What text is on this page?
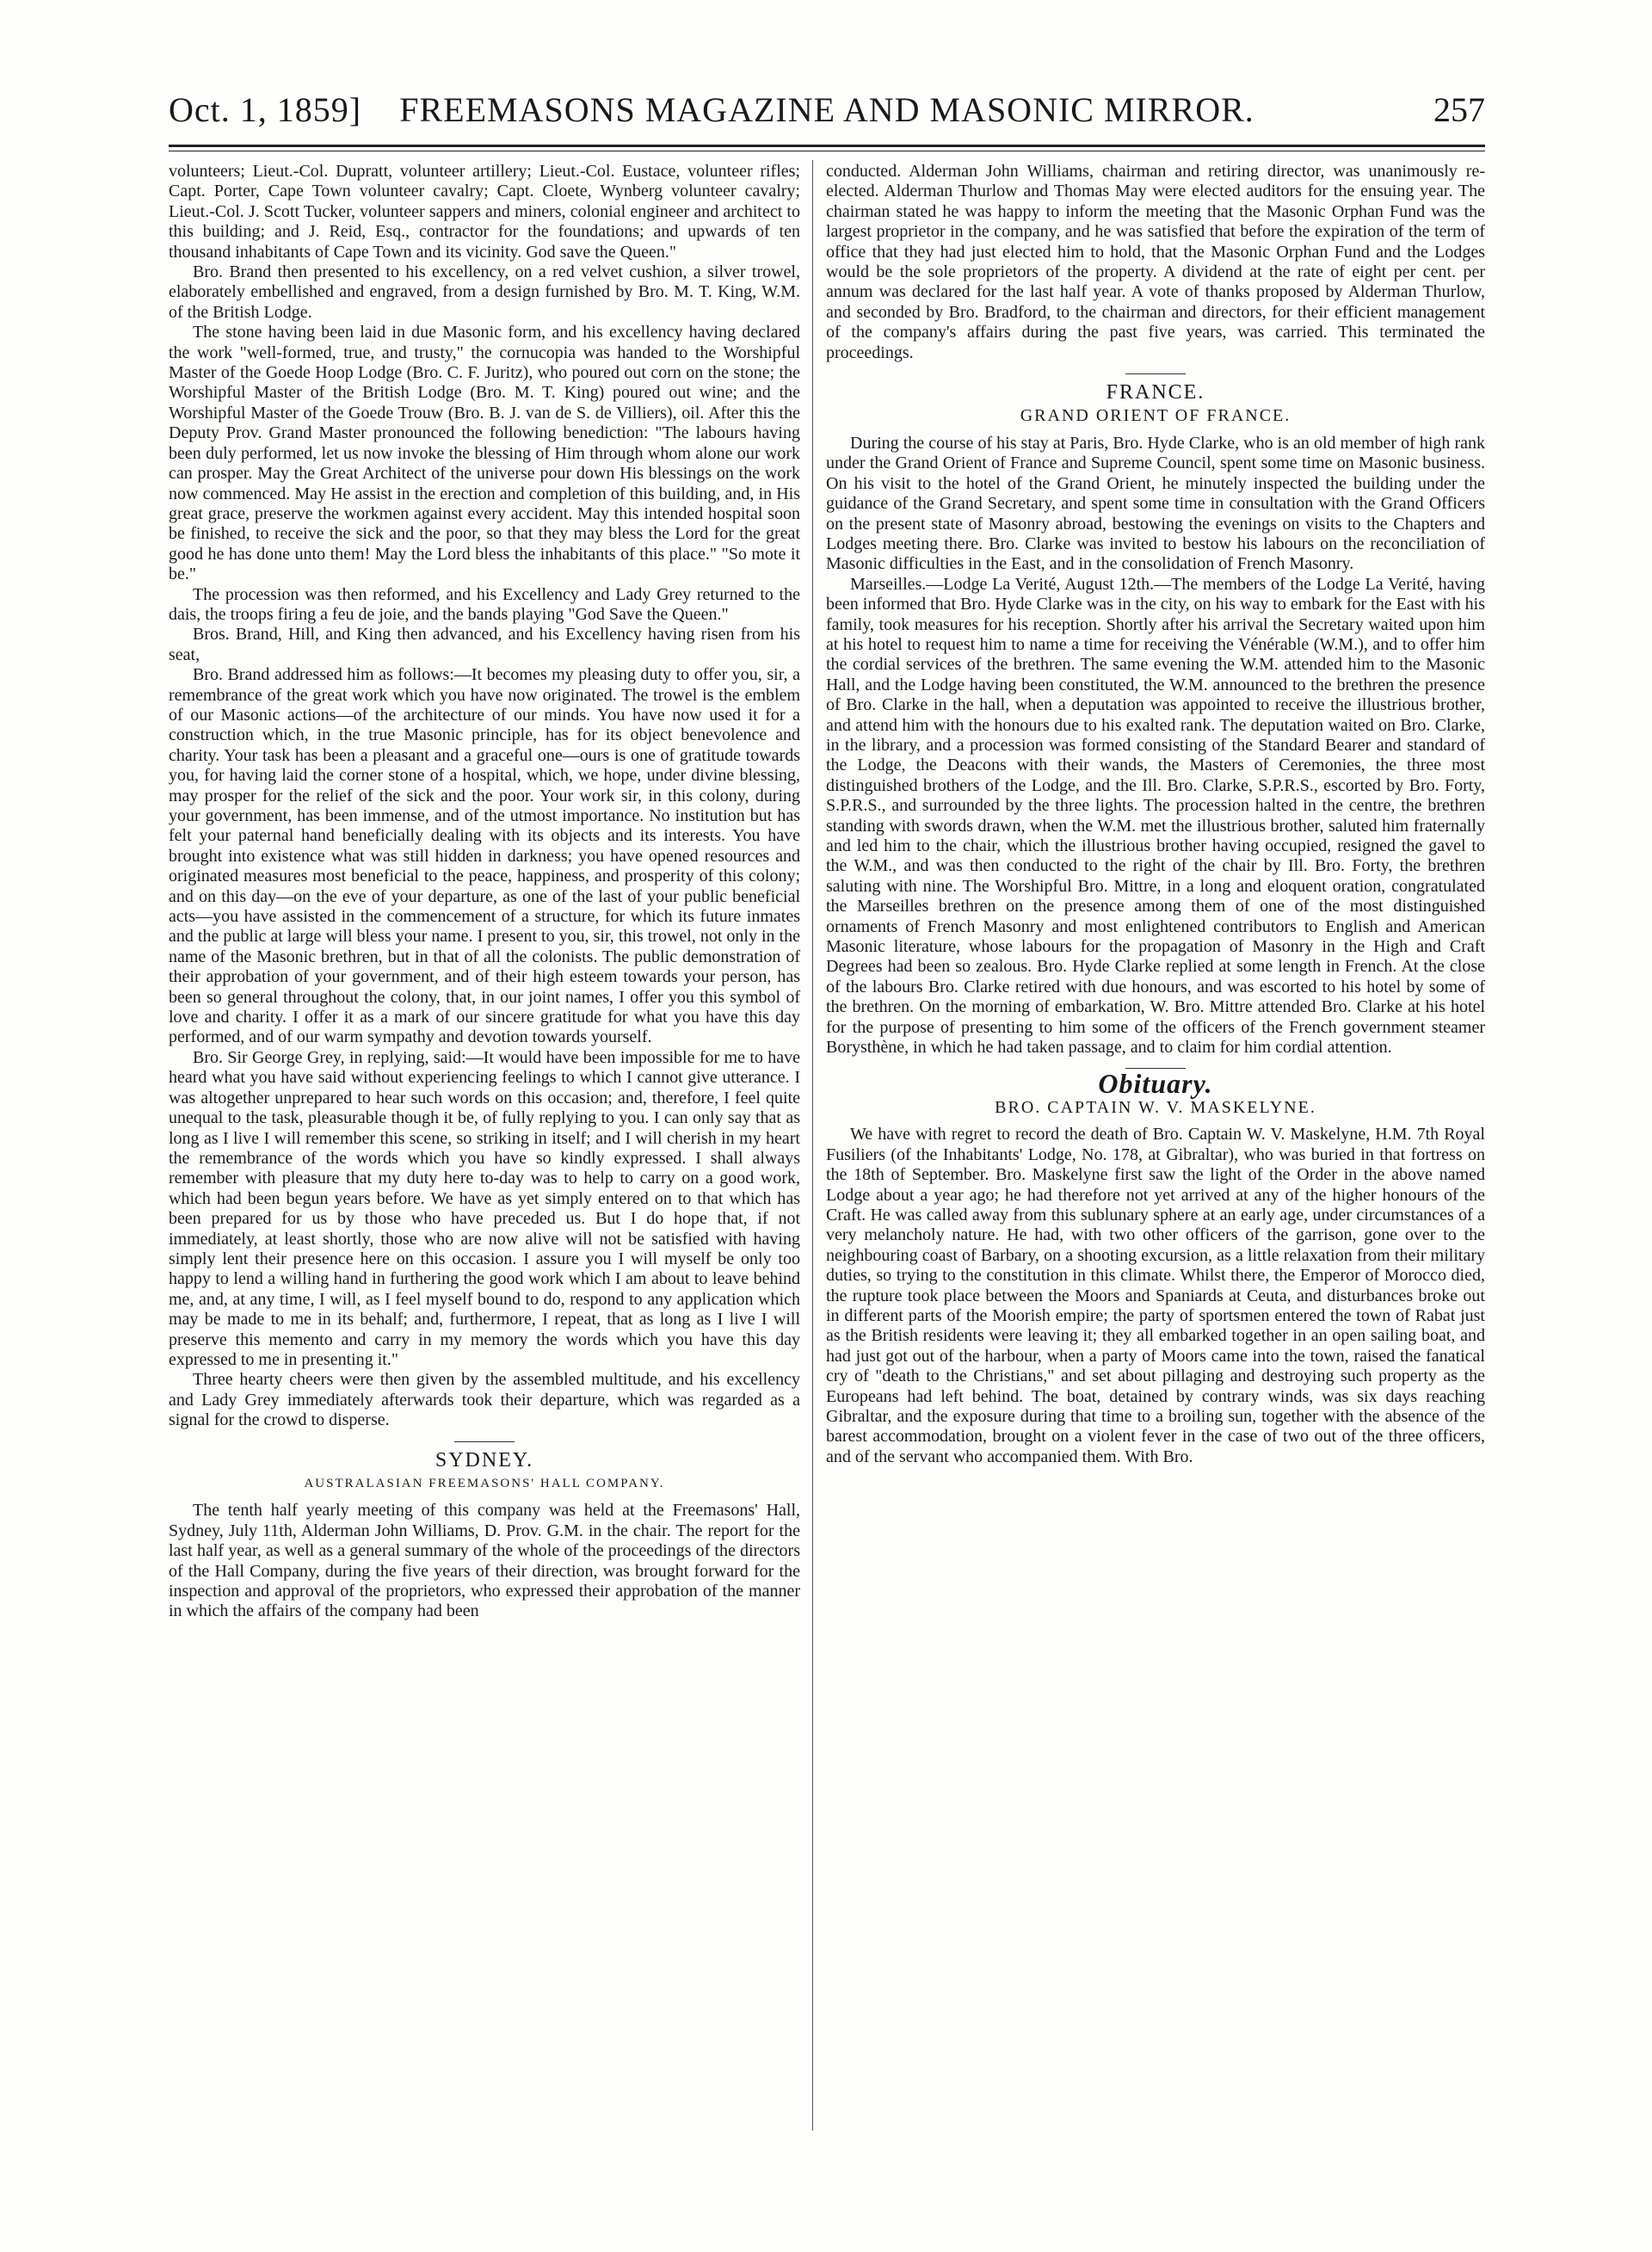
Oct. 1, 1859]	FREEMASONS MAGAZINE AND MASONIC MIRROR.	257

volunteers; Lieut.-Col. Dupratt, volunteer artillery; Lieut.-Col. Eustace, volunteer rifles; Capt. Porter, Cape Town volunteer cavalry; Capt. Cloete, Wynberg volunteer cavalry; Lieut.-Col. J. Scott Tucker, volunteer sappers and miners, colonial engineer and architect to this building; and J. Reid, Esq., contractor for the foundations; and upwards of ten thousand inhabitants of Cape Town and its vicinity. God save the Queen."

Bro. Brand then presented to his excellency, on a red velvet cushion, a silver trowel, elaborately embellished and engraved, from a design furnished by Bro. M. T. King, W.M. of the British Lodge.

The stone having been laid in due Masonic form, and his excellency having declared the work "well-formed, true, and trusty," the cornucopia was handed to the Worshipful Master of the Goede Hoop Lodge (Bro. C. F. Juritz), who poured out corn on the stone; the Worshipful Master of the British Lodge (Bro. M. T. King) poured out wine; and the Worshipful Master of the Goede Trouw (Bro. B. J. van de S. de Villiers), oil. After this the Deputy Prov. Grand Master pronounced the following benediction: "The labours having been duly performed, let us now invoke the blessing of Him through whom alone our work can prosper. May the Great Architect of the universe pour down His blessings on the work now commenced. May He assist in the erection and completion of this building, and, in His great grace, preserve the workmen against every accident. May this intended hospital soon be finished, to receive the sick and the poor, so that they may bless the Lord for the great good he has done unto them! May the Lord bless the inhabitants of this place." "So mote it be."

The procession was then reformed, and his Excellency and Lady Grey returned to the dais, the troops firing a feu de joie, and the bands playing "God Save the Queen."

Bros. Brand, Hill, and King then advanced, and his Excellency having risen from his seat,

Bro. Brand addressed him as follows:—It becomes my pleasing duty to offer you, sir, a remembrance of the great work which you have now originated. The trowel is the emblem of our Masonic actions—of the architecture of our minds. You have now used it for a construction which, in the true Masonic principle, has for its object benevolence and charity. Your task has been a pleasant and a graceful one—ours is one of gratitude towards you, for having laid the corner stone of a hospital, which, we hope, under divine blessing, may prosper for the relief of the sick and the poor. Your work sir, in this colony, during your government, has been immense, and of the utmost importance. No institution but has felt your paternal hand beneficially dealing with its objects and its interests. You have brought into existence what was still hidden in darkness; you have opened resources and originated measures most beneficial to the peace, happiness, and prosperity of this colony; and on this day—on the eve of your departure, as one of the last of your public beneficial acts—you have assisted in the commencement of a structure, for which its future inmates and the public at large will bless your name. I present to you, sir, this trowel, not only in the name of the Masonic brethren, but in that of all the colonists. The public demonstration of their approbation of your government, and of their high esteem towards your person, has been so general throughout the colony, that, in our joint names, I offer you this symbol of love and charity. I offer it as a mark of our sincere gratitude for what you have this day performed, and of our warm sympathy and devotion towards yourself.

Bro. Sir George Grey, in replying, said:—It would have been impossible for me to have heard what you have said without experiencing feelings to which I cannot give utterance. I was altogether unprepared to hear such words on this occasion; and, therefore, I feel quite unequal to the task, pleasurable though it be, of fully replying to you. I can only say that as long as I live I will remember this scene, so striking in itself; and I will cherish in my heart the remembrance of the words which you have so kindly expressed. I shall always remember with pleasure that my duty here to-day was to help to carry on a good work, which had been begun years before. We have as yet simply entered on to that which has been prepared for us by those who have preceded us. But I do hope that, if not immediately, at least shortly, those who are now alive will not be satisfied with having simply lent their presence here on this occasion. I assure you I will myself be only too happy to lend a willing hand in furthering the good work which I am about to leave behind me, and, at any time, I will, as I feel myself bound to do, respond to any application which may be made to me in its behalf; and, furthermore, I repeat, that as long as I live I will preserve this memento and carry in my memory the words which you have this day expressed to me in presenting it."

Three hearty cheers were then given by the assembled multitude, and his excellency and Lady Grey immediately afterwards took their departure, which was regarded as a signal for the crowd to disperse.

SYDNEY.
AUSTRALASIAN FREEMASONS' HALL COMPANY.

The tenth half yearly meeting of this company was held at the Freemasons' Hall, Sydney, July 11th, Alderman John Williams, D. Prov. G.M. in the chair. The report for the last half year, as well as a general summary of the whole of the proceedings of the directors of the Hall Company, during the five years of their direction, was brought forward for the inspection and approval of the proprietors, who expressed their approbation of the manner in which the affairs of the company had been

conducted. Alderman John Williams, chairman and retiring director, was unanimously re-elected. Alderman Thurlow and Thomas May were elected auditors for the ensuing year. The chairman stated he was happy to inform the meeting that the Masonic Orphan Fund was the largest proprietor in the company, and he was satisfied that before the expiration of the term of office that they had just elected him to hold, that the Masonic Orphan Fund and the Lodges would be the sole proprietors of the property. A dividend at the rate of eight per cent. per annum was declared for the last half year. A vote of thanks proposed by Alderman Thurlow, and seconded by Bro. Bradford, to the chairman and directors, for their efficient management of the company's affairs during the past five years, was carried. This terminated the proceedings.

FRANCE.
GRAND ORIENT OF FRANCE.

During the course of his stay at Paris, Bro. Hyde Clarke, who is an old member of high rank under the Grand Orient of France and Supreme Council, spent some time on Masonic business. On his visit to the hotel of the Grand Orient, he minutely inspected the building under the guidance of the Grand Secretary, and spent some time in consultation with the Grand Officers on the present state of Masonry abroad, bestowing the evenings on visits to the Chapters and Lodges meeting there. Bro. Clarke was invited to bestow his labours on the reconciliation of Masonic difficulties in the East, and in the consolidation of French Masonry.

Marseilles.—Lodge La Verité, August 12th.—The members of the Lodge La Verité, having been informed that Bro. Hyde Clarke was in the city, on his way to embark for the East with his family, took measures for his reception. Shortly after his arrival the Secretary waited upon him at his hotel to request him to name a time for receiving the Vénérable (W.M.), and to offer him the cordial services of the brethren. The same evening the W.M. attended him to the Masonic Hall, and the Lodge having been constituted, the W.M. announced to the brethren the presence of Bro. Clarke in the hall, when a deputation was appointed to receive the illustrious brother, and attend him with the honours due to his exalted rank. The deputation waited on Bro. Clarke, in the library, and a procession was formed consisting of the Standard Bearer and standard of the Lodge, the Deacons with their wands, the Masters of Ceremonies, the three most distinguished brothers of the Lodge, and the Ill. Bro. Clarke, S.P.R.S., escorted by Bro. Forty, S.P.R.S., and surrounded by the three lights. The procession halted in the centre, the brethren standing with swords drawn, when the W.M. met the illustrious brother, saluted him fraternally and led him to the chair, which the illustrious brother having occupied, resigned the gavel to the W.M., and was then conducted to the right of the chair by Ill. Bro. Forty, the brethren saluting with nine. The Worshipful Bro. Mittre, in a long and eloquent oration, congratulated the Marseilles brethren on the presence among them of one of the most distinguished ornaments of French Masonry and most enlightened contributors to English and American Masonic literature, whose labours for the propagation of Masonry in the High and Craft Degrees had been so zealous. Bro. Hyde Clarke replied at some length in French. At the close of the labours Bro. Clarke retired with due honours, and was escorted to his hotel by some of the brethren. On the morning of embarkation, W. Bro. Mittre attended Bro. Clarke at his hotel for the purpose of presenting to him some of the officers of the French government steamer Borysthène, in which he had taken passage, and to claim for him cordial attention.

Obituary.
BRO. CAPTAIN W. V. MASKELYNE.

We have with regret to record the death of Bro. Captain W. V. Maskelyne, H.M. 7th Royal Fusiliers (of the Inhabitants' Lodge, No. 178, at Gibraltar), who was buried in that fortress on the 18th of September. Bro. Maskelyne first saw the light of the Order in the above named Lodge about a year ago; he had therefore not yet arrived at any of the higher honours of the Craft. He was called away from this sublunary sphere at an early age, under circumstances of a very melancholy nature. He had, with two other officers of the garrison, gone over to the neighbouring coast of Barbary, on a shooting excursion, as a little relaxation from their military duties, so trying to the constitution in this climate. Whilst there, the Emperor of Morocco died, the rupture took place between the Moors and Spaniards at Ceuta, and disturbances broke out in different parts of the Moorish empire; the party of sportsmen entered the town of Rabat just as the British residents were leaving it; they all embarked together in an open sailing boat, and had just got out of the harbour, when a party of Moors came into the town, raised the fanatical cry of "death to the Christians," and set about pillaging and destroying such property as the Europeans had left behind. The boat, detained by contrary winds, was six days reaching Gibraltar, and the exposure during that time to a broiling sun, together with the absence of the barest accommodation, brought on a violent fever in the case of two out of the three officers, and of the servant who accompanied them. With Bro.
